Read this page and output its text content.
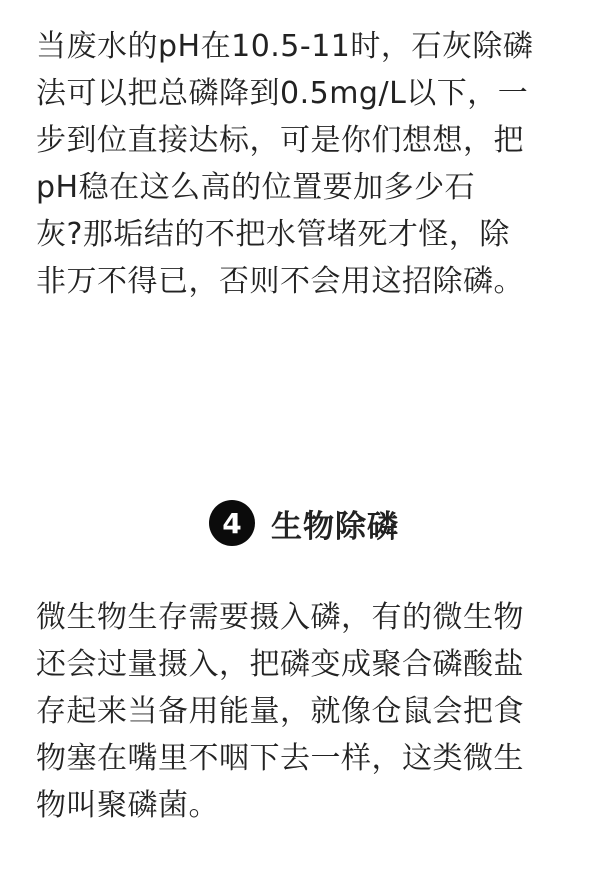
当废水的pH在10.5-11时，石灰除磷
法可以把总磷降到0.5mg/L以下，一
步到位直接达标，可是你们想想，把
pH稳在这么高的位置要加多少石
灰?那垢结的不把水管堵死才怪，除
非万不得已，否则不会用这招除磷。
4 生物除磷
微生物生存需要摄入磷，有的微生物
还会过量摄入，把磷变成聚合磷酸盐
存起来当备用能量，就像仓鼠会把食
物塞在嘴里不咽下去一样，这类微生
物叫聚磷菌。
